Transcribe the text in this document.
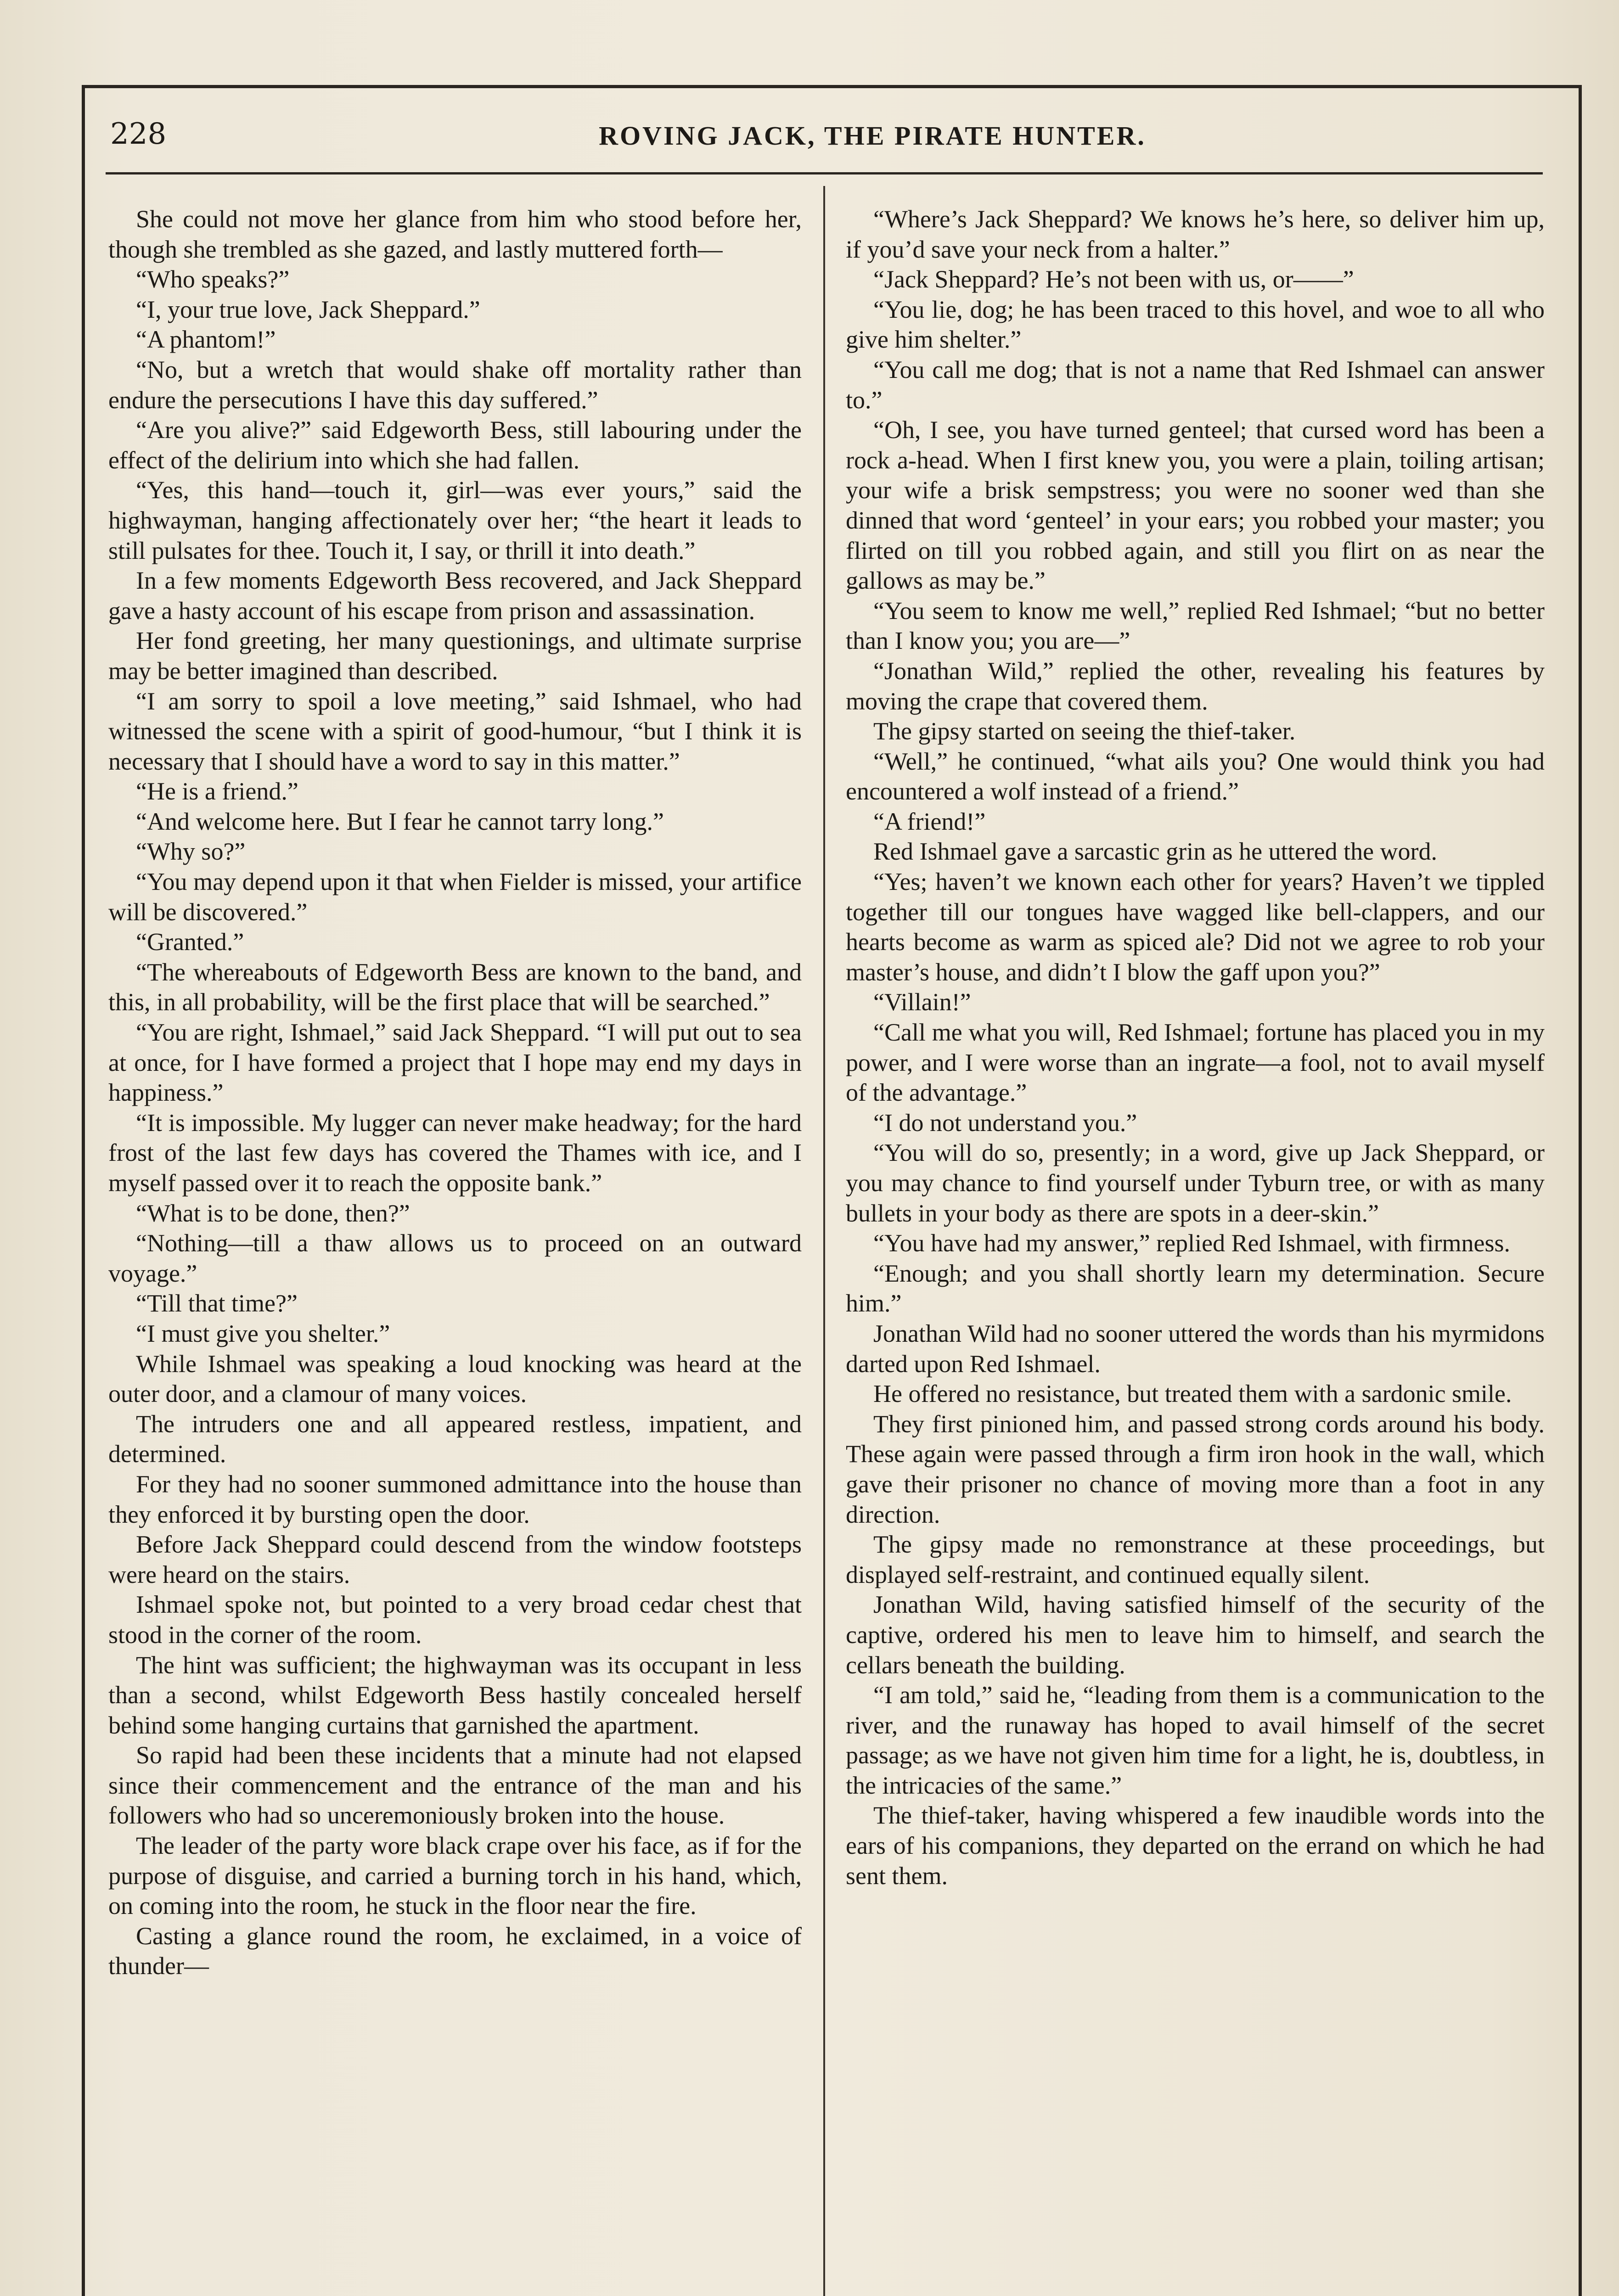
228	ROVING JACK, THE PIRATE HUNTER.

She could not move her glance from him who stood before her, though she trembled as she gazed, and lastly muttered forth—

“Who speaks?”

“I, your true love, Jack Sheppard.”

“A phantom!”

“No, but a wretch that would shake off mortality rather than endure the persecutions I have this day suffered.”

“Are you alive?” said Edgeworth Bess, still labouring under the effect of the delirium into which she had fallen.

“Yes, this hand—touch it, girl—was ever yours,” said the highwayman, hanging affectionately over her; “the heart it leads to still pulsates for thee. Touch it, I say, or thrill it into death.”

In a few moments Edgeworth Bess recovered, and Jack Sheppard gave a hasty account of his escape from prison and assassination.

Her fond greeting, her many questionings, and ultimate surprise may be better imagined than described.

“I am sorry to spoil a love meeting,” said Ishmael, who had witnessed the scene with a spirit of good-humour, “but I think it is necessary that I should have a word to say in this matter.”

“He is a friend.”

“And welcome here. But I fear he cannot tarry long.”

“Why so?”

“You may depend upon it that when Fielder is missed, your artifice will be discovered.”

“Granted.”

“The whereabouts of Edgeworth Bess are known to the band, and this, in all probability, will be the first place that will be searched.”

“You are right, Ishmael,” said Jack Sheppard. “I will put out to sea at once, for I have formed a project that I hope may end my days in happiness.”

“It is impossible. My lugger can never make headway; for the hard frost of the last few days has covered the Thames with ice, and I myself passed over it to reach the opposite bank.”

“What is to be done, then?”

“Nothing—till a thaw allows us to proceed on an outward voyage.”

“Till that time?”

“I must give you shelter.”

While Ishmael was speaking a loud knocking was heard at the outer door, and a clamour of many voices.

The intruders one and all appeared restless, impatient, and determined.

For they had no sooner summoned admittance into the house than they enforced it by bursting open the door.

Before Jack Sheppard could descend from the window footsteps were heard on the stairs.

Ishmael spoke not, but pointed to a very broad cedar chest that stood in the corner of the room.

The hint was sufficient; the highwayman was its occupant in less than a second, whilst Edgeworth Bess hastily concealed herself behind some hanging curtains that garnished the apartment.

So rapid had been these incidents that a minute had not elapsed since their commencement and the entrance of the man and his followers who had so unceremoniously broken into the house.

The leader of the party wore black crape over his face, as if for the purpose of disguise, and carried a burning torch in his hand, which, on coming into the room, he stuck in the floor near the fire.

Casting a glance round the room, he exclaimed, in a voice of thunder—

“Where’s Jack Sheppard? We knows he’s here, so deliver him up, if you’d save your neck from a halter.”

“Jack Sheppard? He’s not been with us, or——”

“You lie, dog; he has been traced to this hovel, and woe to all who give him shelter.”

“You call me dog; that is not a name that Red Ishmael can answer to.”

“Oh, I see, you have turned genteel; that cursed word has been a rock a-head. When I first knew you, you were a plain, toiling artisan; your wife a brisk sempstress; you were no sooner wed than she dinned that word ‘genteel’ in your ears; you robbed your master; you flirted on till you robbed again, and still you flirt on as near the gallows as may be.”

“You seem to know me well,” replied Red Ishmael; “but no better than I know you; you are—”

“Jonathan Wild,” replied the other, revealing his features by moving the crape that covered them.

The gipsy started on seeing the thief-taker.

“Well,” he continued, “what ails you? One would think you had encountered a wolf instead of a friend.”

“A friend!”

Red Ishmael gave a sarcastic grin as he uttered the word.

“Yes; haven’t we known each other for years? Haven’t we tippled together till our tongues have wagged like bell-clappers, and our hearts become as warm as spiced ale? Did not we agree to rob your master’s house, and didn’t I blow the gaff upon you?”

“Villain!”

“Call me what you will, Red Ishmael; fortune has placed you in my power, and I were worse than an ingrate—a fool, not to avail myself of the advantage.”

“I do not understand you.”

“You will do so, presently; in a word, give up Jack Sheppard, or you may chance to find yourself under Tyburn tree, or with as many bullets in your body as there are spots in a deer-skin.”

“You have had my answer,” replied Red Ishmael, with firmness.

“Enough; and you shall shortly learn my determination. Secure him.”

Jonathan Wild had no sooner uttered the words than his myrmidons darted upon Red Ishmael.

He offered no resistance, but treated them with a sardonic smile.

They first pinioned him, and passed strong cords around his body. These again were passed through a firm iron hook in the wall, which gave their prisoner no chance of moving more than a foot in any direction.

The gipsy made no remonstrance at these proceedings, but displayed self-restraint, and continued equally silent.

Jonathan Wild, having satisfied himself of the security of the captive, ordered his men to leave him to himself, and search the cellars beneath the building.

“I am told,” said he, “leading from them is a communication to the river, and the runaway has hoped to avail himself of the secret passage; as we have not given him time for a light, he is, doubtless, in the intricacies of the same.”

The thief-taker, having whispered a few inaudible words into the ears of his companions, they departed on the errand on which he had sent them.
